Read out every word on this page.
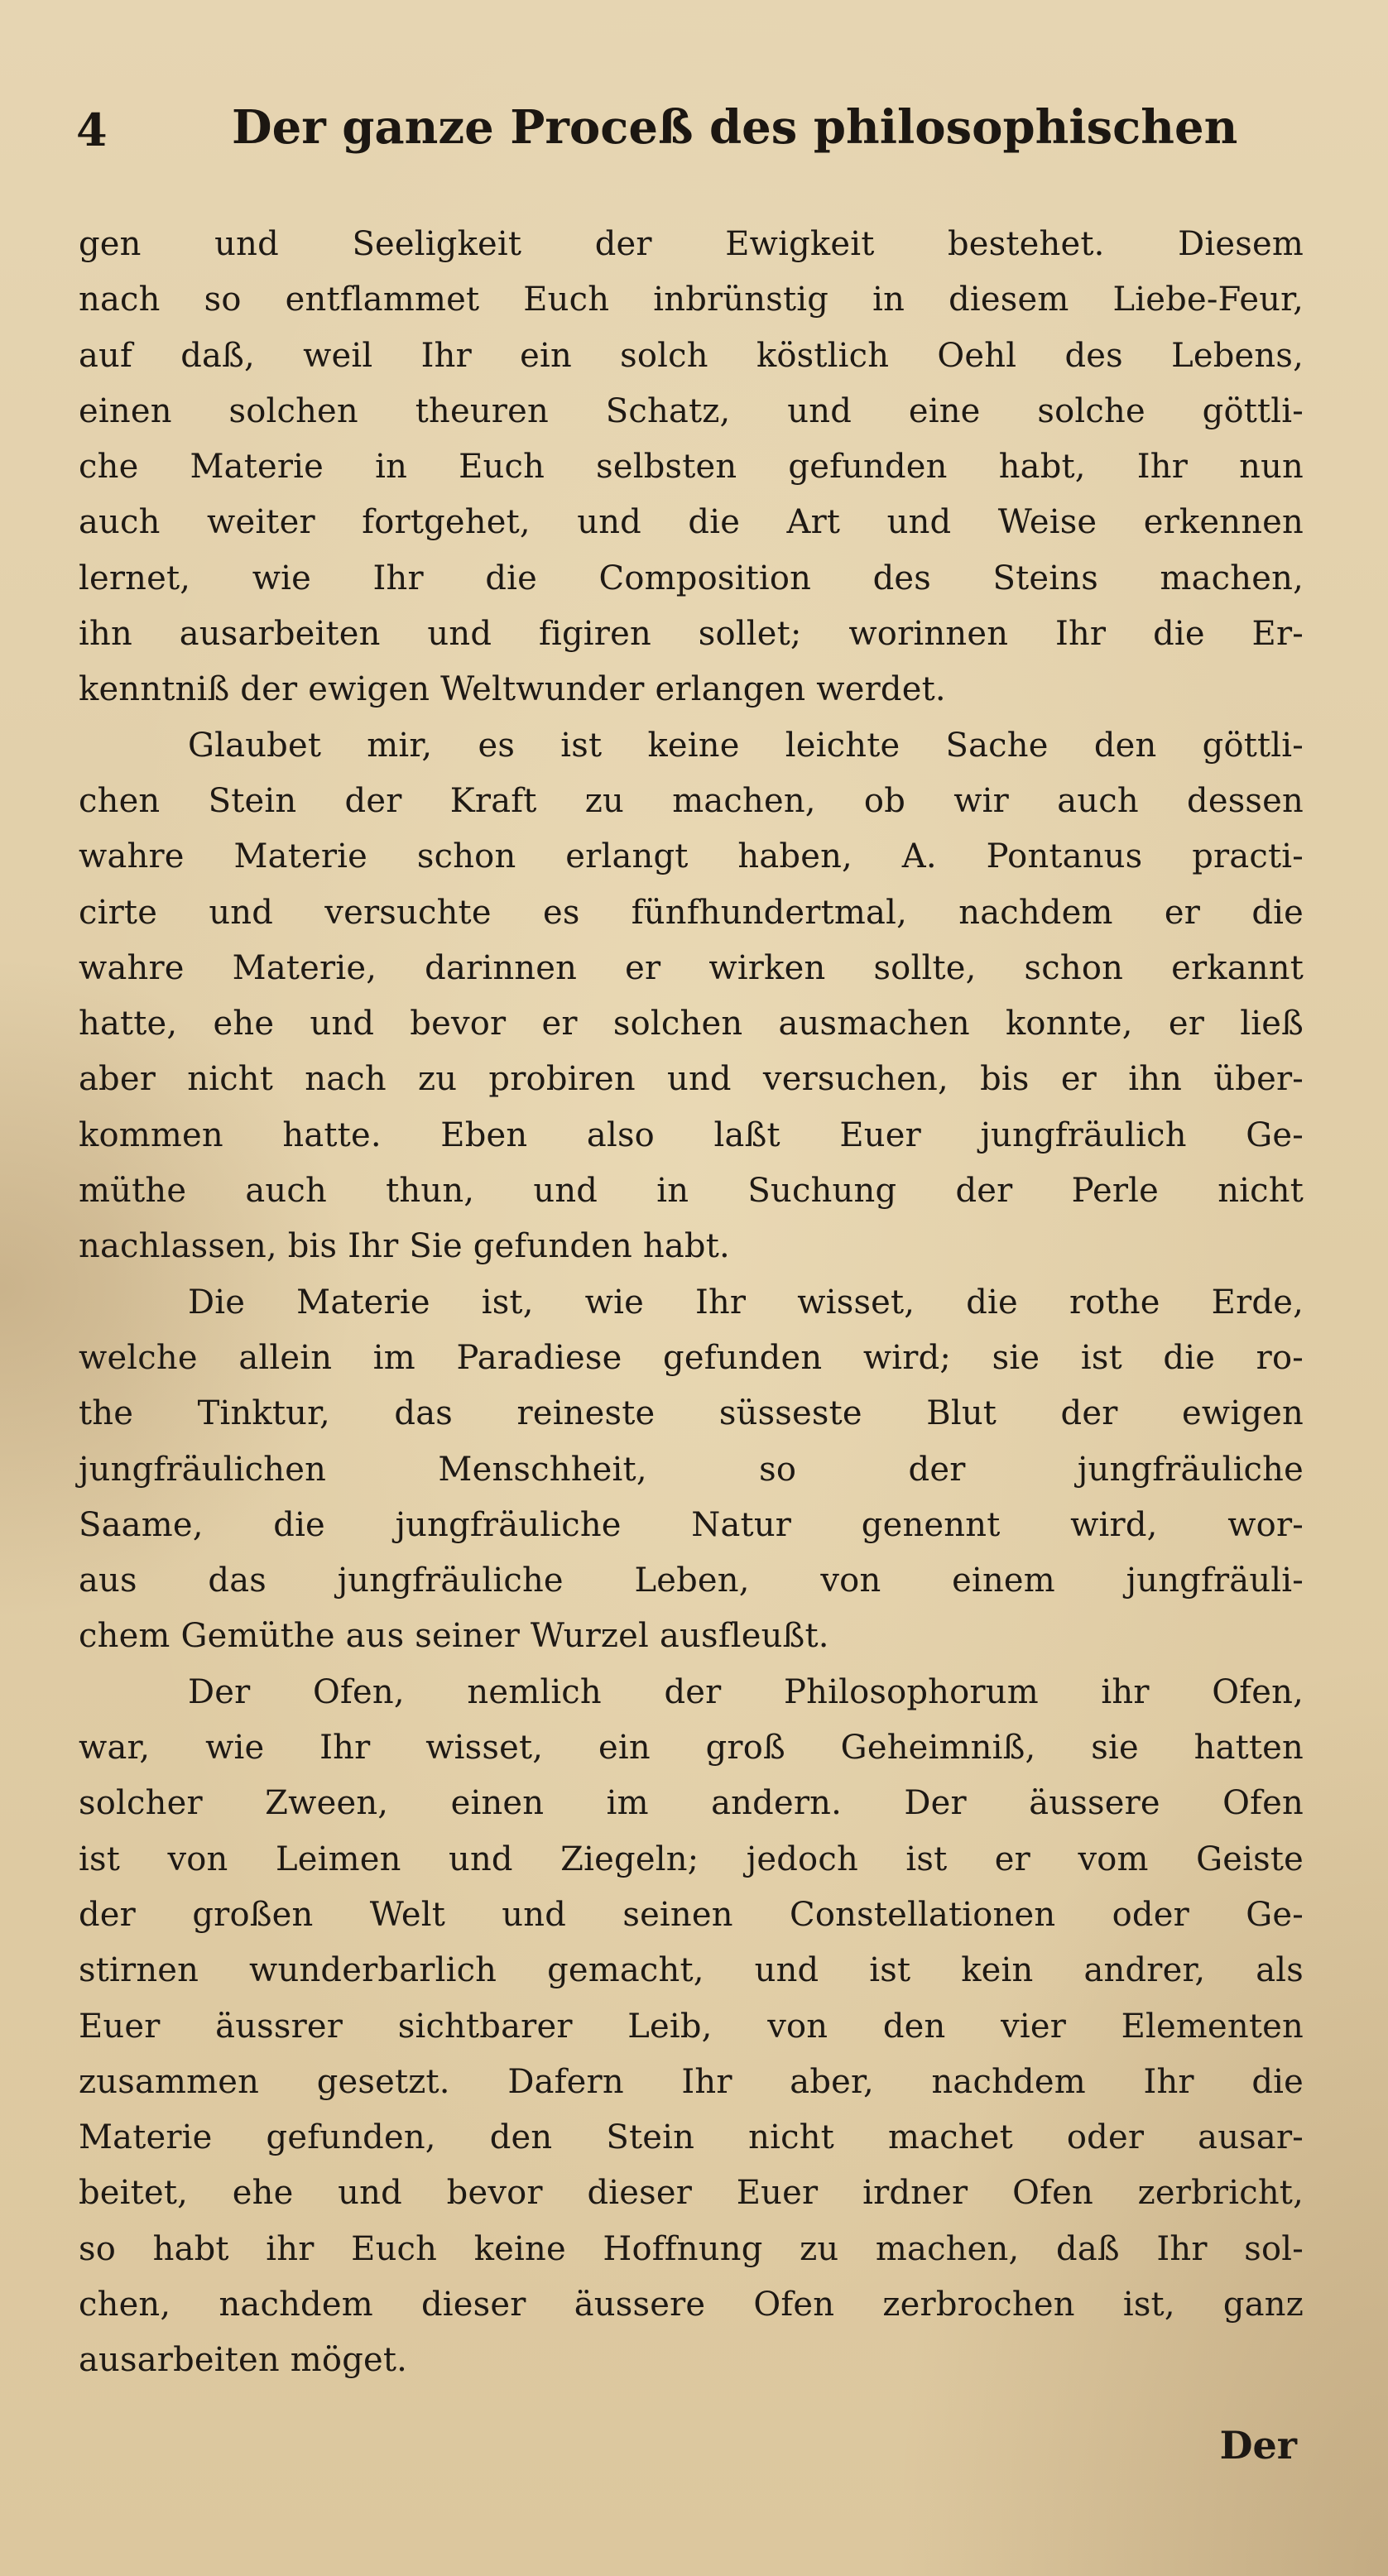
4	Der ganze Proceß des philosophischen
gen und Seeligkeit der Ewigkeit bestehet. Diesem
nach so entflammet Euch inbrünstig in diesem Liebe-Feur,
auf daß, weil Ihr ein solch köstlich Oehl des Lebens,
einen solchen theuren Schatz, und eine solche göttli-
che Materie in Euch selbsten gefunden habt, Ihr nun
auch weiter fortgehet, und die Art und Weise erkennen
lernet, wie Ihr die Composition des Steins machen,
ihn ausarbeiten und figiren sollet; worinnen Ihr die Er-
kenntniß der ewigen Weltwunder erlangen werdet.
Glaubet mir, es ist keine leichte Sache den göttli-
chen Stein der Kraft zu machen, ob wir auch dessen
wahre Materie schon erlangt haben, A. Pontanus practi-
cirte und versuchte es fünfhundertmal, nachdem er die
wahre Materie, darinnen er wirken sollte, schon erkannt
hatte, ehe und bevor er solchen ausmachen konnte, er ließ
aber nicht nach zu probiren und versuchen, bis er ihn über-
kommen hatte. Eben also laßt Euer jungfräulich Ge-
müthe auch thun, und in Suchung der Perle nicht
nachlassen, bis Ihr Sie gefunden habt.
Die Materie ist, wie Ihr wisset, die rothe Erde,
welche allein im Paradiese gefunden wird; sie ist die ro-
the Tinktur, das reineste süsseste Blut der ewigen
jungfräulichen Menschheit, so der jungfräuliche
Saame, die jungfräuliche Natur genennt wird, wor-
aus das jungfräuliche Leben, von einem jungfräuli-
chem Gemüthe aus seiner Wurzel ausfleußt.
Der Ofen, nemlich der Philosophorum ihr Ofen,
war, wie Ihr wisset, ein groß Geheimniß, sie hatten
solcher Zween, einen im andern. Der äussere Ofen
ist von Leimen und Ziegeln; jedoch ist er vom Geiste
der großen Welt und seinen Constellationen oder Ge-
stirnen wunderbarlich gemacht, und ist kein andrer, als
Euer äussrer sichtbarer Leib, von den vier Elementen
zusammen gesetzt. Dafern Ihr aber, nachdem Ihr die
Materie gefunden, den Stein nicht machet oder ausar-
beitet, ehe und bevor dieser Euer irdner Ofen zerbricht,
so habt ihr Euch keine Hoffnung zu machen, daß Ihr sol-
chen, nachdem dieser äussere Ofen zerbrochen ist, ganz
ausarbeiten möget.
Der
